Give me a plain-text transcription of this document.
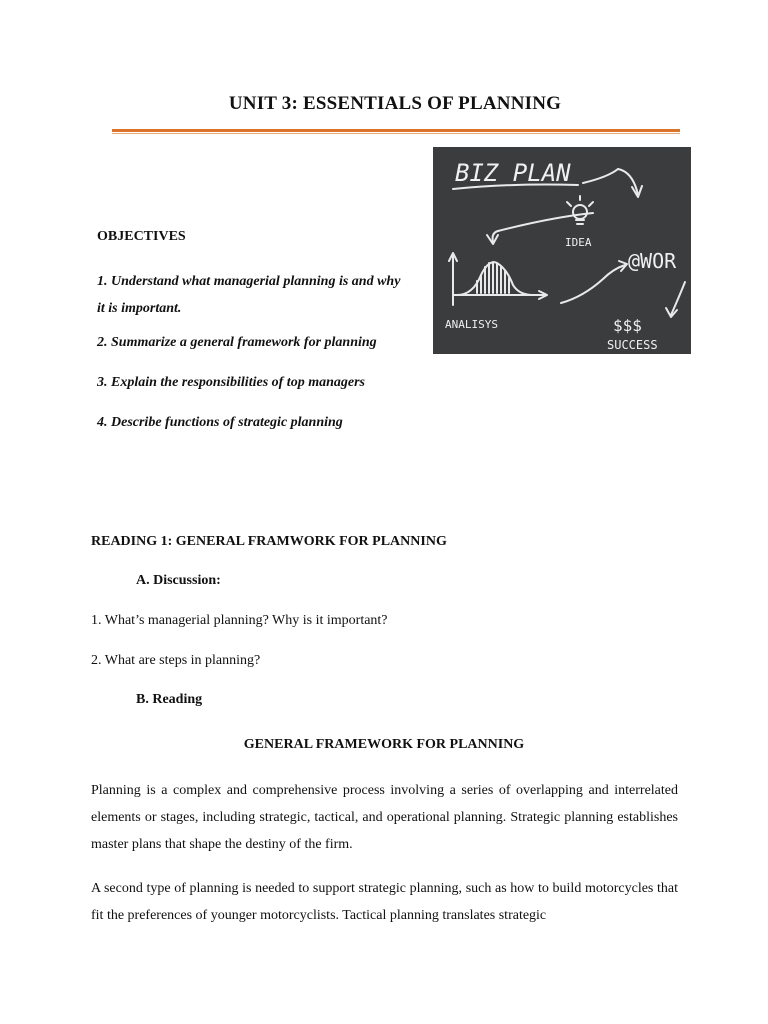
UNIT 3: ESSENTIALS OF PLANNING
BIZ PLAN
IDEA
@WOR
ANALISYS	$$$
SUCCESS
OBJECTIVES
1. Understand what managerial planning is and why it is important.
2. Summarize a general framework for planning
3. Explain the responsibilities of top managers
4. Describe functions of strategic planning
READING 1: GENERAL FRAMWORK FOR PLANNING
A. Discussion:
1. What’s managerial planning? Why is it important?
2. What are steps in planning?
B. Reading
GENERAL FRAMEWORK FOR PLANNING

Planning is a complex and comprehensive process involving a series of overlapping and interrelated elements or stages, including strategic, tactical, and operational planning. Strategic planning establishes master plans that shape the destiny of the firm.

A second type of planning is needed to support strategic planning, such as how to build motorcycles that fit the preferences of younger motorcyclists. Tactical planning translates strategic
